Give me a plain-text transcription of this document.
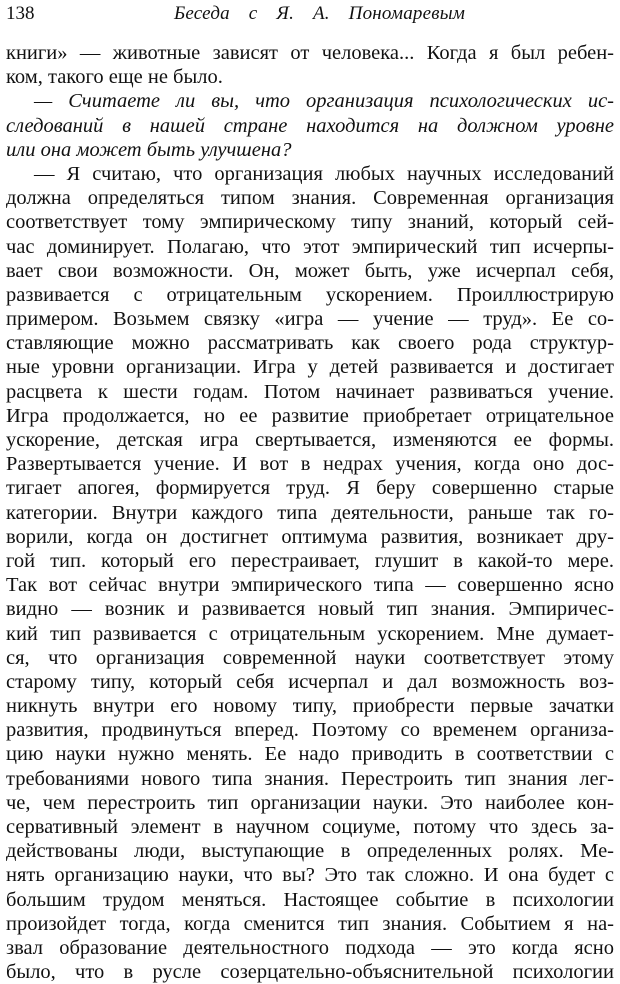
138	Беседа с Я. А. Пономаревым
книги» — животные зависят от человека... Когда я был ребен-
ком, такого еще не было.
— Считаете ли вы, что организация психологических ис-
следований в нашей стране находится на должном уровне
или она может быть улучшена?
— Я считаю, что организация любых научных исследований
должна определяться типом знания. Современная организация
соответствует тому эмпирическому типу знаний, который сей-
час доминирует. Полагаю, что этот эмпирический тип исчерпы-
вает свои возможности. Он, может быть, уже исчерпал себя,
развивается с отрицательным ускорением. Проиллюстрирую
примером. Возьмем связку «игра — учение — труд». Ее со-
ставляющие можно рассматривать как своего рода структур-
ные уровни организации. Игра у детей развивается и достигает
расцвета к шести годам. Потом начинает развиваться учение.
Игра продолжается, но ее развитие приобретает отрицательное
ускорение, детская игра свертывается, изменяются ее формы.
Развертывается учение. И вот в недрах учения, когда оно дос-
тигает апогея, формируется труд. Я беру совершенно старые
категории. Внутри каждого типа деятельности, раньше так го-
ворили, когда он достигнет оптимума развития, возникает дру-
гой тип. который его перестраивает, глушит в какой-то мере.
Так вот сейчас внутри эмпирического типа — совершенно ясно
видно — возник и развивается новый тип знания. Эмпиричес-
кий тип развивается с отрицательным ускорением. Мне думает-
ся, что организация современной науки соответствует этому
старому типу, который себя исчерпал и дал возможность воз-
никнуть внутри его новому типу, приобрести первые зачатки
развития, продвинуться вперед. Поэтому со временем организа-
цию науки нужно менять. Ее надо приводить в соответствии с
требованиями нового типа знания. Перестроить тип знания лег-
че, чем перестроить тип организации науки. Это наиболее кон-
сервативный элемент в научном социуме, потому что здесь за-
действованы люди, выступающие в определенных ролях. Ме-
нять организацию науки, что вы? Это так сложно. И она будет с
большим трудом меняться. Настоящее событие в психологии
произойдет тогда, когда сменится тип знания. Событием я на-
звал образование деятельностного подхода — это когда ясно
было, что в русле созерцательно-объяснительной психологии
